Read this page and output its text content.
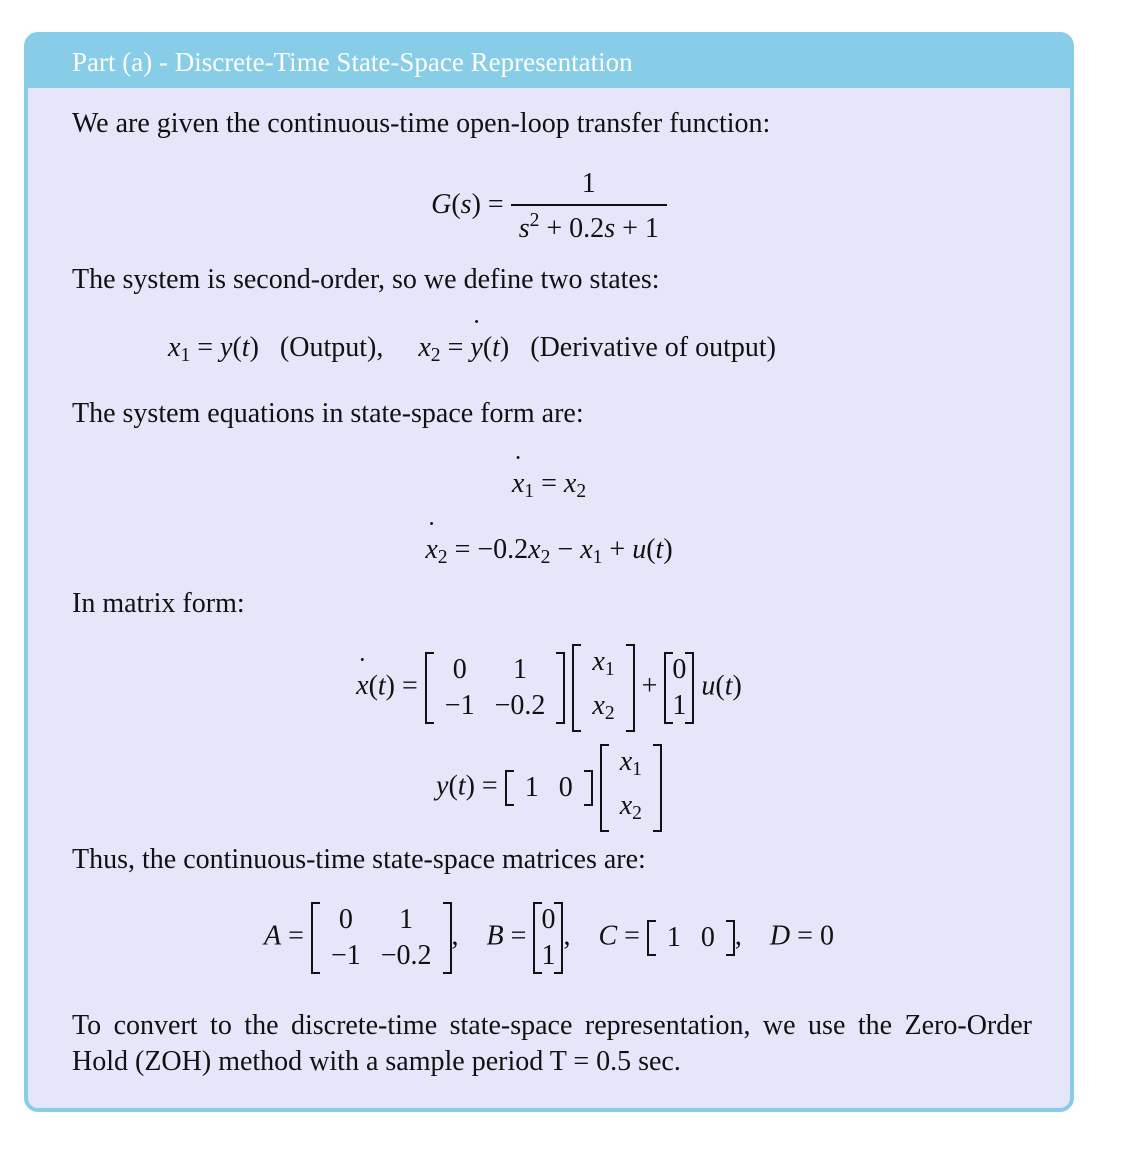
Part (a) - Discrete-Time State-Space Representation
We are given the continuous-time open-loop transfer function:
$G(s) = \frac{1}{s^2 + 0.2s + 1}$
The system is second-order, so we define two states:
$x_1 = y(t)$   (Output), $x_2$ = ˙ y(t)   (Derivative of output)
The system equations in state-space form are:
˙ $x_1 = x_2$
˙ $x_2 = -0.2x_2 - x_1 + u(t)$
In matrix form:
˙ x(t) =
0	1
−1	−0.2

$x_1$
$x_2$
+
0
1
u(t)
y(t) = 1	0

$x_1$
$x_2$
Thus, the continuous-time state-space matrices are:
A =
0	1
−1	−0.2
,    B =
0
1
,    C = 1	0 ,    D = 0
To convert to the discrete-time state-space representation, we use the Zero-Order Hold (ZOH) method with a sample period T = 0.5 sec.
